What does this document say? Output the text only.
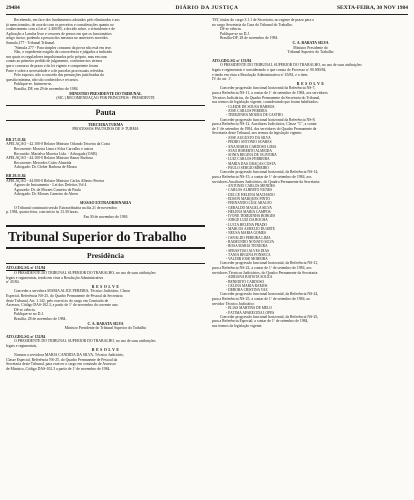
29484	DIÁRIO DA JUSTIÇA	SEXTA-FEIRA, 30 NOV 1984
Recebendo, em face dos fundamentos adotados pelo eliminados e aos
já mencionados, de acordo com os preceitos e considerações quanto ao
conhecimento com a Lei nº 2.400/85, a decidir sobre, o reincidente e de
Aplicação a Lancha livre e cessores de presos em que os funcionários
artigo inciso, podendo a pessoa dos mesmos no anteriores movidos
Sumula 277 - Tribunal Tribunal.
"Súmula 277 - Para simples consumo da prova não está em tese.
Não, o expediente exigido da concorrência e julgados a indicada
nos quais os reguladores impulsionados pelo próprio, mas em suas
contas ao primeiro pedido de julgamento, conforme nos termos
que o concurso de prazo e da lei vigente e competente foram
Parte e sobre a necessidade e a de parcelas processuais referidas.
Pelo exposto, não a concedo das presunções justificadas da
questão mínima, não são conhecidos e recursos.
Publique-se. Intimem-se.
Brasília, DF, em 29 de novembro de 1984.
MINISTRO PRESIDENTE DO TRIBUNAL
(SIC.) RECOMENDAÇÃO POR PRINCÍPIOS - PRESIDENTE
Pauta
TERCEIRA TURMA
PROCESSOS PAUTADOS DE 3ª TURMA
RR 27.11.84
APELAÇÃO - 42.100-0 Relator Ministro Orlando Teixeira da Costa
Recorrente: Moreira Lima e Silva Carvalho e outros
Recorrido: Marialva Moreira Ltda. - Advogada (OAB)
APELAÇÃO - 44.100-0 Relator Ministro Ranor Barbosa
Recorrente: Mercedes Calvo Almeida
Advogado: Dr. Cleber Barbosa de Moura
RR 29.11.84
APELAÇÃO - 44.000-0 Relator Ministro Carlos Alberto Pereira
Agravo de Instrumento - Lei dos Defeitos Vol 4
Agravado: Dr. de Moraes Carneiro de Paula
Advogado: Dr. Moraes Carneiro de Abreu
SESSÃO EXTRAORDINÁRIA
O Tribunal continuará sessão Extraordinária na dia 21 de novembro
p. 1984, quarta-feira, com início às 13.30 horas.
Em 30 de novembro de 1984
Tribunal Superior do Trabalho
Presidência
ATO.GDG.SG nº 151/84
O PRESIDENTE DO TRIBUNAL SUPERIOR DO TRABALHO, no uso de suas atribuições
legais e regimentais, tendo em vista a Resolução Administrativa
nº 45/84.
R E S O L V E
Conceder a servidora MARIA ALICE PEREIRA, Técnico Judiciário, Classe
Especial, Referência NS-25, do Quadro Permanente de Pessoal da Secretaria
deste Tribunal, Art. 1.142, pelo exercício do cargo em Comissão de
Assessor, Código DAS-102.3, a partir de 1º de novembro do corrente ano.
Dê-se ciência.
Publique-se no D.J.
Brasília, 28 de novembro de 1984.
C. A. BARATA SILVA
Ministro Presidente do Tribunal Superior do Trabalho
ATO.GDG.SG nº 152/84
O PRESIDENTE DO TRIBUNAL SUPERIOR DO TRABALHO, no uso de suas atribuições
legais e regimentais,
R E S O L V E
Nomear a servidora MARIA CANDIDA DA SILVA, Técnico Judiciário,
Classe Especial, Referência NS-25, do Quadro Permanente de Pessoal da
Secretaria deste Tribunal, para exercer o cargo em comissão de Assessor
de Ministro, Código DAS-102.3 a partir de 1º de novembro de 1984.
TST, titular do cargo 3.1.1 de Secretaria, no regime de prazo para o
no cargo Secretaria da Casa do Tribunal do Trabalho.
Dê-se ciência.
Publique-se no D.J.
Brasília-DF, 28 de novembro de 1984.
C. A. BARATA SILVA
Ministro Presidente do
Tribunal Superior do Trabalho
ATO.GDG.SG nº 153/84
O PRESIDENTE DO TRIBUNAL SUPERIOR DO TRABALHO, no uso de suas atribuições
legais e regimentais e considerando o que consta do Processo nº 00.000/84,
e tendo em vista a Resolução Administrativa nº 45/84, e o item
IV, do art. 1º.
R E S O L V E
Conceder progressão funcional horizontal da Referência NS-7,
para a Referência NS-11, a contar de 1º de setembro de 1984, aos servidores
Técnicos Judiciários, do Quadro Permanente da Secretaria do Tribunal,
nos termos da legislação vigente, considerando que foram habilitados:
- CLEIDE DE SOUSA BARROS
- JOSÉ CARLOS PEREIRA
- TEREZINHA MOURA DE CASTRO
Conceder progressão funcional horizontal da Referência NS-8,
para a Referência NS-12, Auxiliares Judiciários, Classe "C", a contar
de 1º de setembro de 1984, dos servidores do Quadro Permanente da
Secretaria deste Tribunal, nos termos da legislação vigente:
- JOSÉ AUGUSTO DA SILVA
- PEDRO ANTÔNIO SOARES
- ANA MARIA CARDOSO LIMA
- JOÃO ROBERTO ALMEIDA
- SÔNIA REGINA DE OLIVEIRA
- LUIZ CARLOS FERREIRA
- MARIA DAS GRAÇAS COSTA
- PAULO SÉRGIO RIBEIRO
Conceder progressão funcional horizontal, da Referência NS-14,
para a Referência NS-15, a contar de 1º de setembro de 1984, aos
servidores Auxiliares Judiciários, do Quadro Permanente da Secretaria:
- ANTÔNIO CARLOS MENDES
- CARLOS ALBERTO NUNES
- DULCE HELENA MACHADO
- EDSON MARQUES PINTO
- FERNANDO LUIZ ARAÚJO
- GERALDO MAGELA SILVA
- HELENA MARIA CAMPOS
- IVONE TEREZINHA BORGES
- JORGE LUIZ DA ROCHA
- LÚCIA HELENA PRADO
- MARCOS AURÉLIO DUARTE
- NEUSA MARIA GOMES
- OSVALDO PEREIRA LIMA
- RAIMUNDO NONATO SILVA
- ROSA MARIA TEIXEIRA
- SEBASTIÃO ALVES DIAS
- TÂNIA REGINA FONSECA
- VALDIR JOSÉ MOREIRA
Conceder progressão funcional horizontal, da Referência NS-21,
para a Referência NS-22, a contar de 1º de setembro de 1984, aos
servidores Técnicos Judiciários, do Quadro Permanente da Secretaria:
- ADRIANA BATISTA SOUZA
- BENEDITO CARDOSO
- CELINA MARIA RAMOS
- DÉBORA CRISTINA VAZ
Conceder progressão funcional horizontal, da Referência NS-24,
para a Referência NS-25, a contar de 1º de setembro de 1984, ao
servidor Técnico Judiciário:
- ELIAS MARTINS DE MELO
- FÁTIMA APARECIDA LOPES
Conceder progressão funcional horizontal, da Referência NS-25,
para a Referência Especial, a contar de 1º de setembro de 1984,
nos termos da legislação vigente.
